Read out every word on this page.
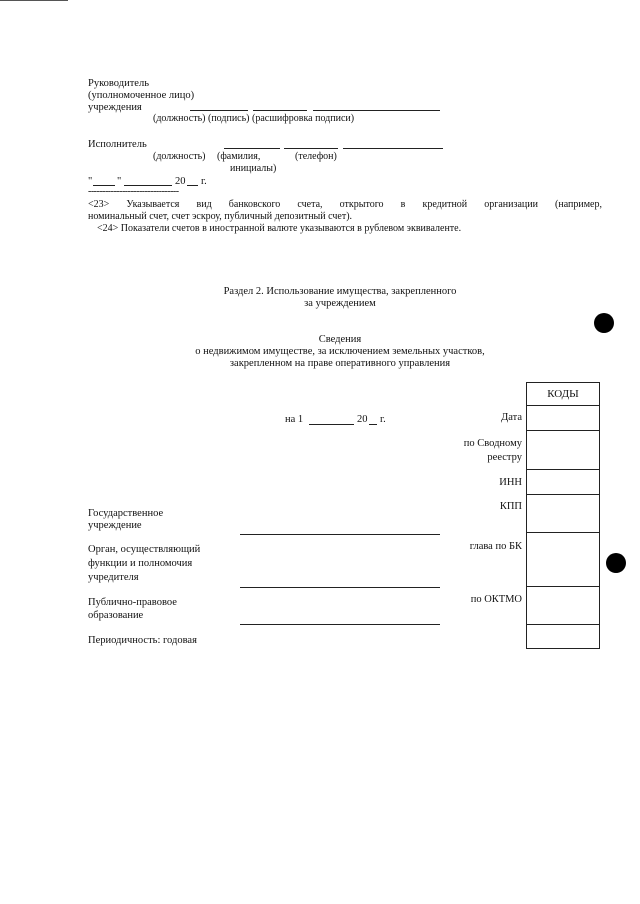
Руководитель
(уполномоченное лицо)
учреждения
(должность) (подпись) (расшифровка подписи)
Исполнитель
(должность) (фамилия,
инициалы)
(телефон)
" "	20 г.
--------------------------------
<23> Указывается вид банковского счета, открытого в кредитной организации (например,
номинальный счет, счет эскроу, публичный депозитный счет).
<24> Показатели счетов в иностранной валюте указываются в рублевом эквиваленте.
Раздел 2. Использование имущества, закрепленного
за учреждением
Сведения
о недвижимом имуществе, за исключением земельных участков,
закрепленном на праве оперативного управления
на 1	20 г.
КОДЫ
Дата
по Сводному
реестру
ИНН
КПП
глава по БК
по ОКТМО
Государственное
учреждение
Орган, осуществляющий
функции и полномочия
учредителя
Публично-правовое
образование
Периодичность: годовая
